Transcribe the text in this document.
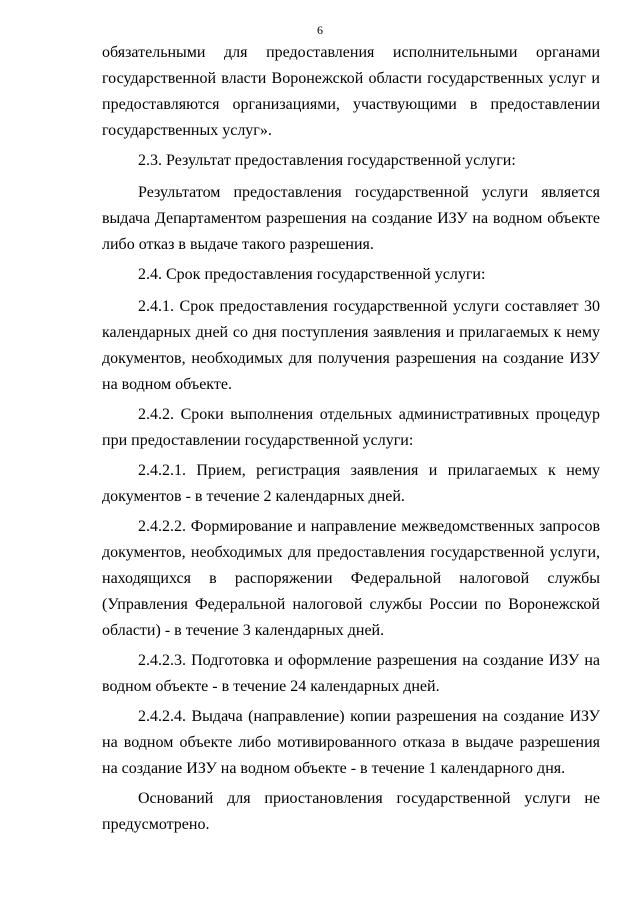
6

обязательными для предоставления исполнительными органами государственной власти Воронежской области государственных услуг и предоставляются организациями, участвующими в предоставлении государственных услуг».

2.3. Результат предоставления государственной услуги:

Результатом предоставления государственной услуги является выдача Департаментом разрешения на создание ИЗУ на водном объекте либо отказ в выдаче такого разрешения.

2.4. Срок предоставления государственной услуги:

2.4.1. Срок предоставления государственной услуги составляет 30 календарных дней со дня поступления заявления и прилагаемых к нему документов, необходимых для получения разрешения на создание ИЗУ на водном объекте.

2.4.2. Сроки выполнения отдельных административных процедур при предоставлении государственной услуги:

2.4.2.1. Прием, регистрация заявления и прилагаемых к нему документов - в течение 2 календарных дней.

2.4.2.2. Формирование и направление межведомственных запросов документов, необходимых для предоставления государственной услуги, находящихся в распоряжении Федеральной налоговой службы (Управления Федеральной налоговой службы России по Воронежской области) - в течение 3 календарных дней.

2.4.2.3. Подготовка и оформление разрешения на создание ИЗУ на водном объекте - в течение 24 календарных дней.

2.4.2.4. Выдача (направление) копии разрешения на создание ИЗУ на водном объекте либо мотивированного отказа в выдаче разрешения на создание ИЗУ на водном объекте - в течение 1 календарного дня.

Оснований для приостановления государственной услуги не предусмотрено.
